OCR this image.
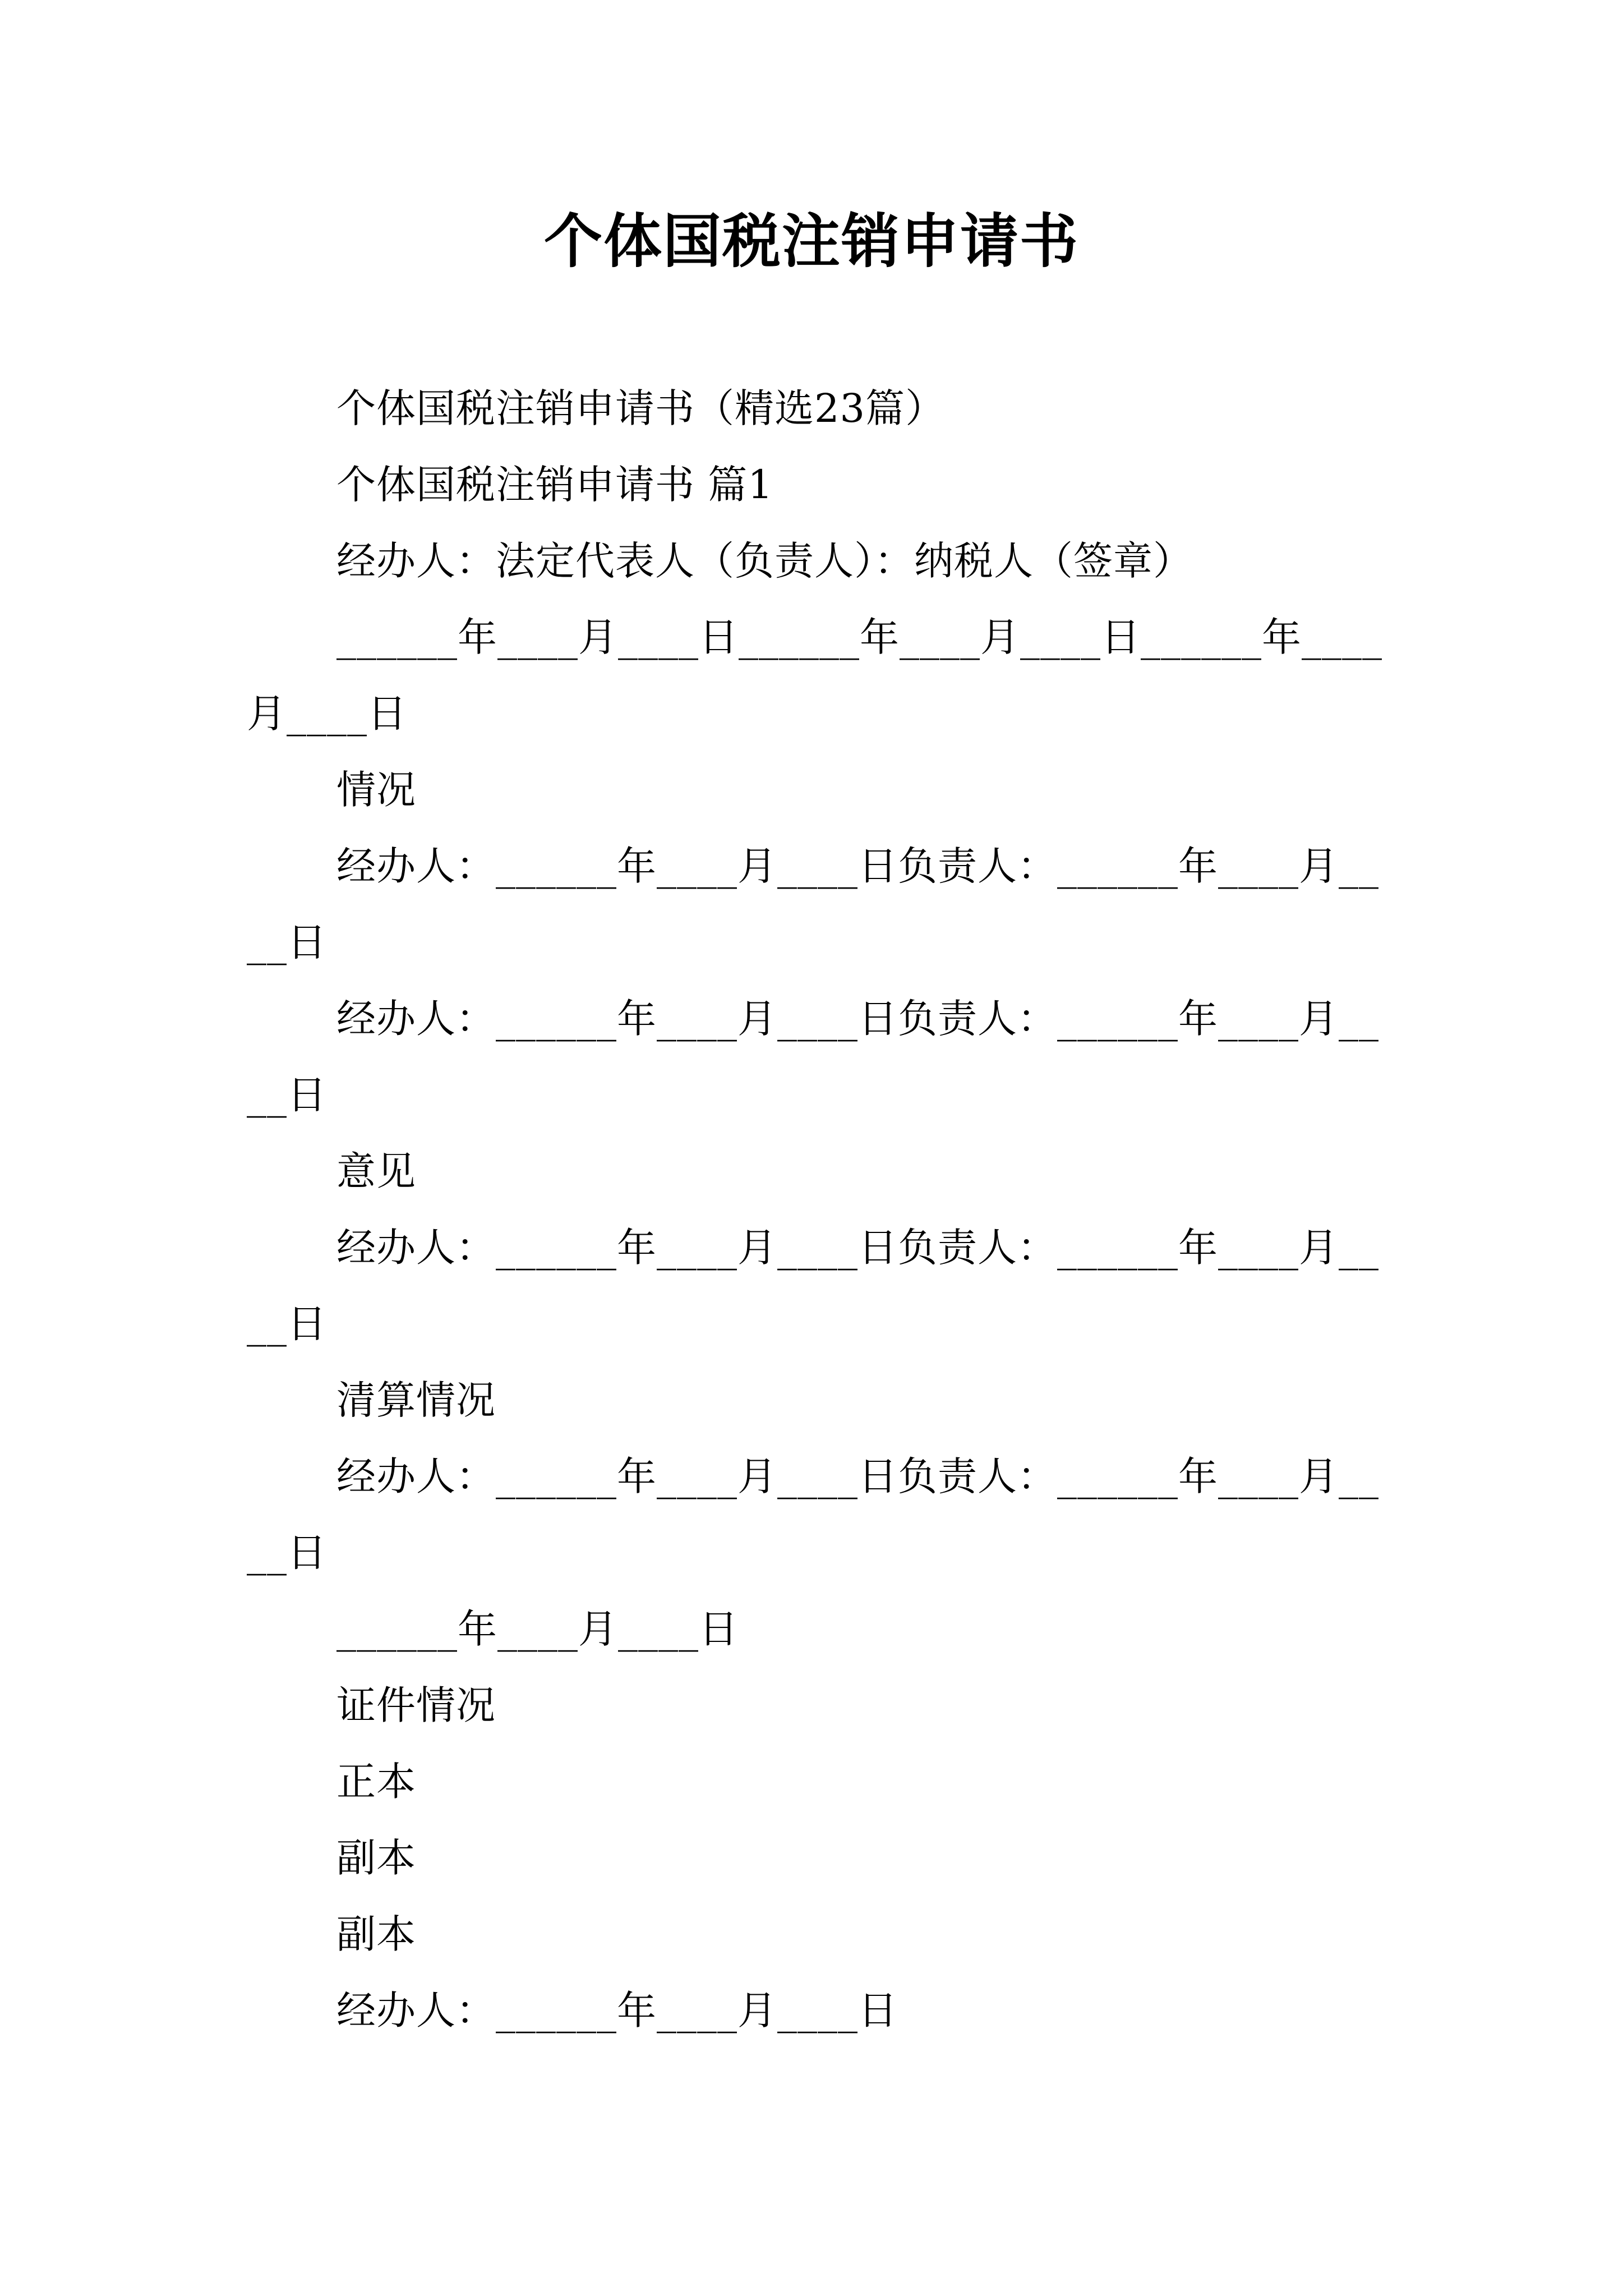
个体国税注销申请书

个体国税注销申请书（精选23篇）

个体国税注销申请书 篇1

经办人：法定代表人（负责人）：纳税人（签章）

______年____月____日______年____月____日______年____月____日

情况

经办人：______年____月____日负责人：______年____月____日

经办人：______年____月____日负责人：______年____月____日

意见

经办人：______年____月____日负责人：______年____月____日

清算情况

经办人：______年____月____日负责人：______年____月____日

______年____月____日

证件情况

正本

副本

副本

经办人：______年____月____日
